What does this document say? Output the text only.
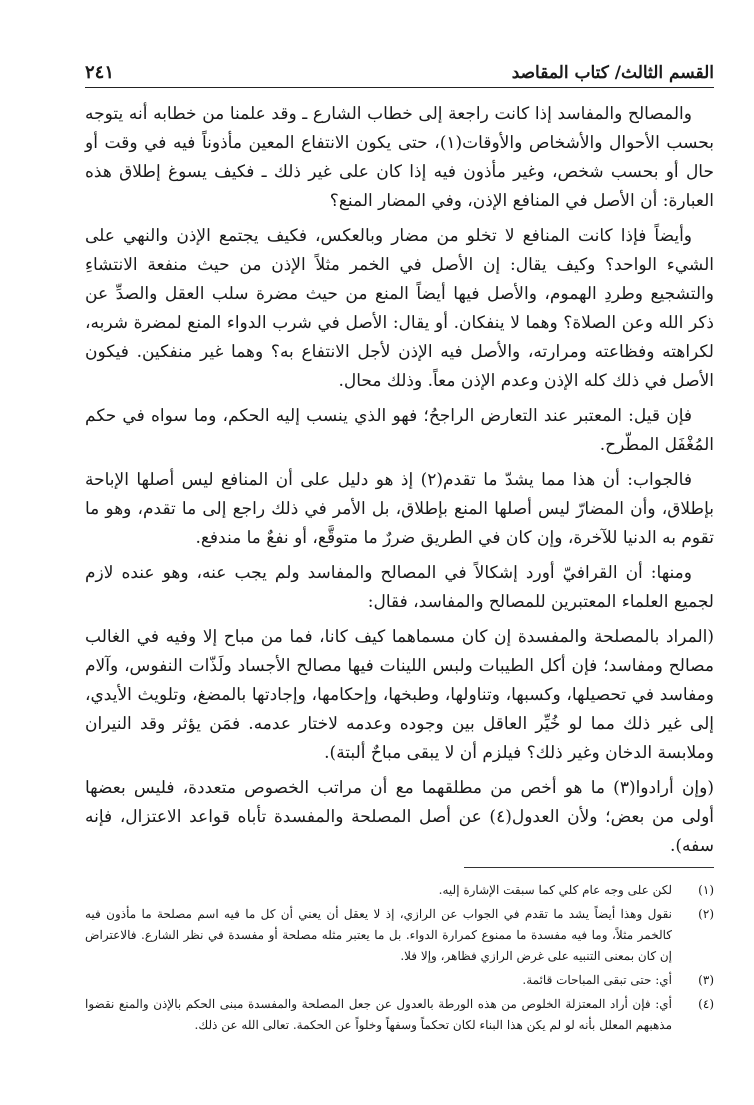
القسم الثالث/ كتاب المقاصد
٢٤١

والمصالح والمفاسد إذا كانت راجعة إلى خطاب الشارع ـ وقد علمنا من خطابه أنه يتوجه بحسب الأحوال والأشخاص والأوقات(١)، حتى يكون الانتفاع المعين مأذوناً فيه في وقت أو حال أو بحسب شخص، وغير مأذون فيه إذا كان على غير ذلك ـ فكيف يسوغ إطلاق هذه العبارة: أن الأصل في المنافع الإذن، وفي المضار المنع؟

وأيضاً فإذا كانت المنافع لا تخلو من مضار وبالعكس، فكيف يجتمع الإذن والنهي على الشيء الواحد؟ وكيف يقال: إن الأصل في الخمر مثلاً الإذن من حيث منفعة الانتشاءِ والتشجيع وطردِ الهموم، والأصل فيها أيضاً المنع من حيث مضرة سلب العقل والصدِّ عن ذكر الله وعن الصلاة؟ وهما لا ينفكان. أو يقال: الأصل في شرب الدواء المنع لمضرة شربه، لكراهته وفظاعته ومرارته، والأصل فيه الإذن لأجل الانتفاع به؟ وهما غير منفكين. فيكون الأصل في ذلك كله الإذن وعدم الإذن معاً. وذلك محال.

فإن قيل: المعتبر عند التعارض الراجحُ؛ فهو الذي ينسب إليه الحكم، وما سواه في حكم المُغْفَل المطّرح.

فالجواب: أن هذا مما يشدّ ما تقدم(٢) إذ هو دليل على أن المنافع ليس أصلها الإباحة بإطلاق، وأن المضارّ ليس أصلها المنع بإطلاق، بل الأمر في ذلك راجع إلى ما تقدم، وهو ما تقوم به الدنيا للآخرة، وإن كان في الطريق ضررٌ ما متوقَّع، أو نفعٌ ما مندفع.

ومنها: أن القرافيّ أورد إشكالاً في المصالح والمفاسد ولم يجب عنه، وهو عنده لازم لجميع العلماء المعتبرين للمصالح والمفاسد، فقال:

(المراد بالمصلحة والمفسدة إن كان مسماهما كيف كانا، فما من مباح إلا وفيه في الغالب مصالح ومفاسد؛ فإن أكل الطيبات ولبس اللينات فيها مصالح الأجساد ولَذّات النفوس، وآلام ومفاسد في تحصيلها، وكسبها، وتناولها، وطبخها، وإحكامها، وإجادتها بالمضغ، وتلويث الأيدي، إلى غير ذلك مما لو خُيِّر العاقل بين وجوده وعدمه لاختار عدمه. فمَن يؤثر وقد النيران وملابسة الدخان وغير ذلك؟ فيلزم أن لا يبقى مباحٌ ألبتة).

(وإن أرادوا(٣) ما هو أخص من مطلقهما مع أن مراتب الخصوص متعددة، فليس بعضها أولى من بعض؛ ولأن العدول(٤) عن أصل المصلحة والمفسدة تأباه قواعد الاعتزال، فإنه سفه).

(١)
لكن على وجه عام كلي كما سبقت الإشارة إليه.
(٢)
نقول وهذا أيضاً يشد ما تقدم في الجواب عن الرازي، إذ لا يعقل أن يعني أن كل ما فيه اسم مصلحة ما مأذون فيه كالخمر مثلاً، وما فيه مفسدة ما ممنوع كمرارة الدواء. بل ما يعتبر مثله مصلحة أو مفسدة في نظر الشارع. فالاعتراض إن كان بمعنى التنبيه على غرض الرازي فظاهر، وإلا فلا.
(٣)
أي: حتى تبقى المباحات قائمة.
(٤)
أي: فإن أراد المعتزلة الخلوص من هذه الورطة بالعدول عن جعل المصلحة والمفسدة مبنى الحكم بالإذن والمنع نقضوا مذهبهم المعلل بأنه لو لم يكن هذا البناء لكان تحكماً وسفهاً وخلواً عن الحكمة. تعالى الله عن ذلك.
